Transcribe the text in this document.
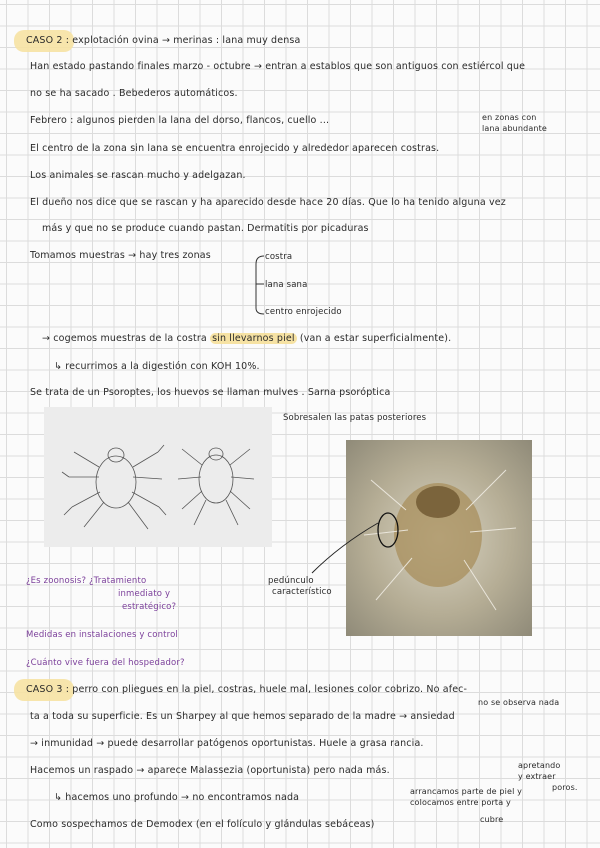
CASO 2 : explotación ovina → merinas : lana muy densa
Han estado pastando finales marzo - octubre → entran a establos que son antiguos con estiércol que
no se ha sacado . Bebederos automáticos.
Febrero : algunos pierden la lana del dorso, flancos, cuello ...	en zonas con
lana abundante
El centro de la zona sin lana se encuentra enrojecido y alrededor aparecen costras.
Los animales se rascan mucho y adelgazan.
El dueño nos dice que se rascan y ha aparecido desde hace 20 días. Que lo ha tenido alguna vez
más y que no se produce cuando pastan. Dermatitis por picaduras
Tomamos muestras → hay tres zonas	costra
lana sana
centro enrojecido
→ cogemos muestras de la costra sin llevarnos piel (van a estar superficialmente).
↳ recurrimos a la digestión con KOH 10%.
Se trata de un Psoroptes, los huevos se llaman mulves . Sarna psoróptica
Sobresalen las patas posteriores
pedúnculo
característico
¿Es zoonosis? ¿Tratamiento
inmediato y
estratégico?
Medidas en instalaciones y control
¿Cuánto vive fuera del hospedador?
CASO 3 : perro con pliegues en la piel, costras, huele mal, lesiones color cobrizo. No afec-
no se observa nada
ta a toda su superficie. Es un Sharpey al que hemos separado de la madre → ansiedad
→ inmunidad → puede desarrollar patógenos oportunistas. Huele a grasa rancia.
Hacemos un raspado → aparece Malassezia (oportunista) pero nada más.	apretando
y extraer
poros.
↳ hacemos uno profundo → no encontramos nada
arrancamos parte de piel y
colocamos entre porta y
cubre
Como sospechamos de Demodex (en el folículo y glándulas sebáceas)
